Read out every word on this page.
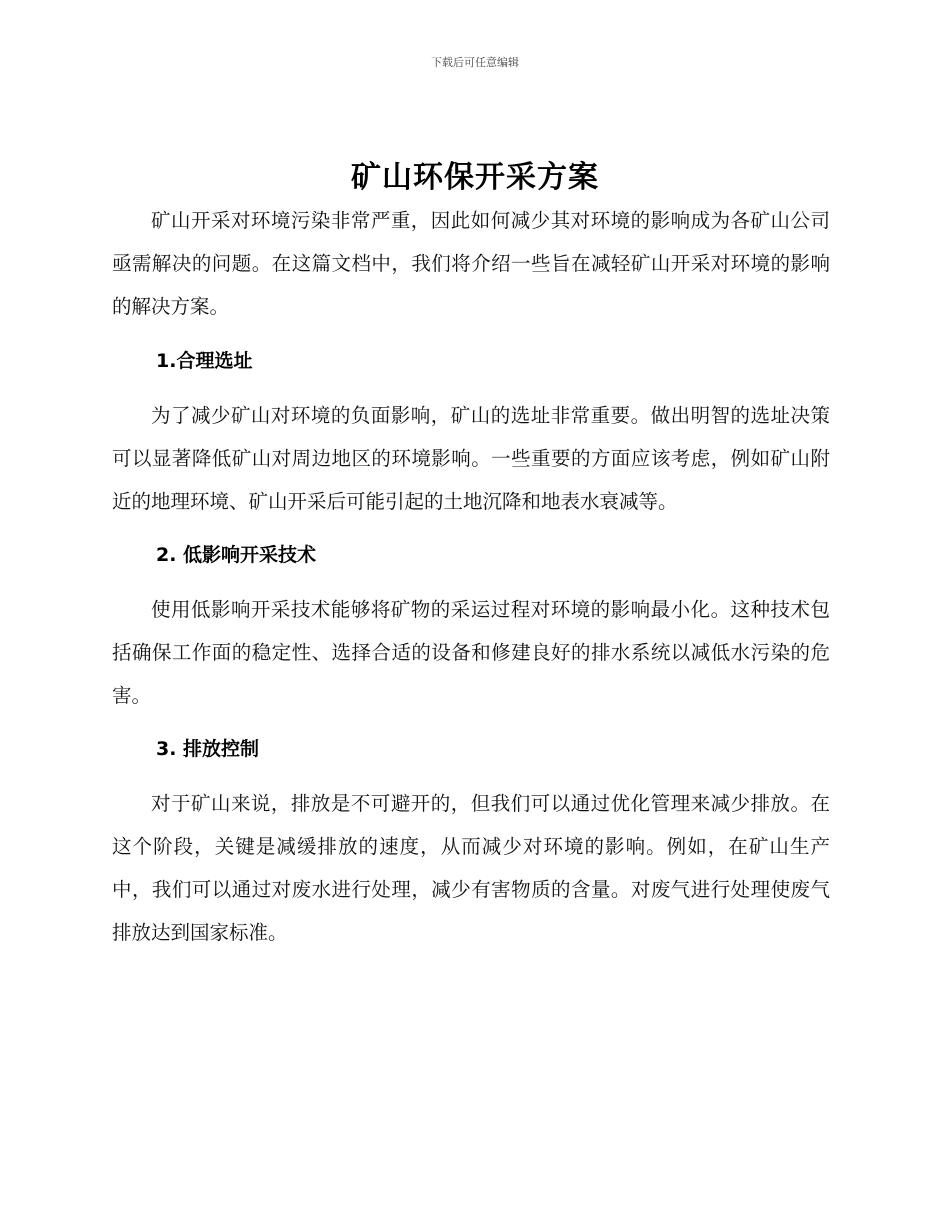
下载后可任意编辑
矿山环保开采方案

矿山开采对环境污染非常严重，因此如何减少其对环境的影响成为各矿山公司亟需解决的问题。在这篇文档中，我们将介绍一些旨在减轻矿山开采对环境的影响的解决方案。

1.合理选址

为了减少矿山对环境的负面影响，矿山的选址非常重要。做出明智的选址决策可以显著降低矿山对周边地区的环境影响。一些重要的方面应该考虑，例如矿山附近的地理环境、矿山开采后可能引起的土地沉降和地表水衰减等。

2. 低影响开采技术

使用低影响开采技术能够将矿物的采运过程对环境的影响最小化。这种技术包括确保工作面的稳定性、选择合适的设备和修建良好的排水系统以减低水污染的危害。

3. 排放控制

对于矿山来说，排放是不可避开的，但我们可以通过优化管理来减少排放。在这个阶段，关键是减缓排放的速度，从而减少对环境的影响。例如，在矿山生产中，我们可以通过对废水进行处理，减少有害物质的含量。对废气进行处理使废气排放达到国家标准。
